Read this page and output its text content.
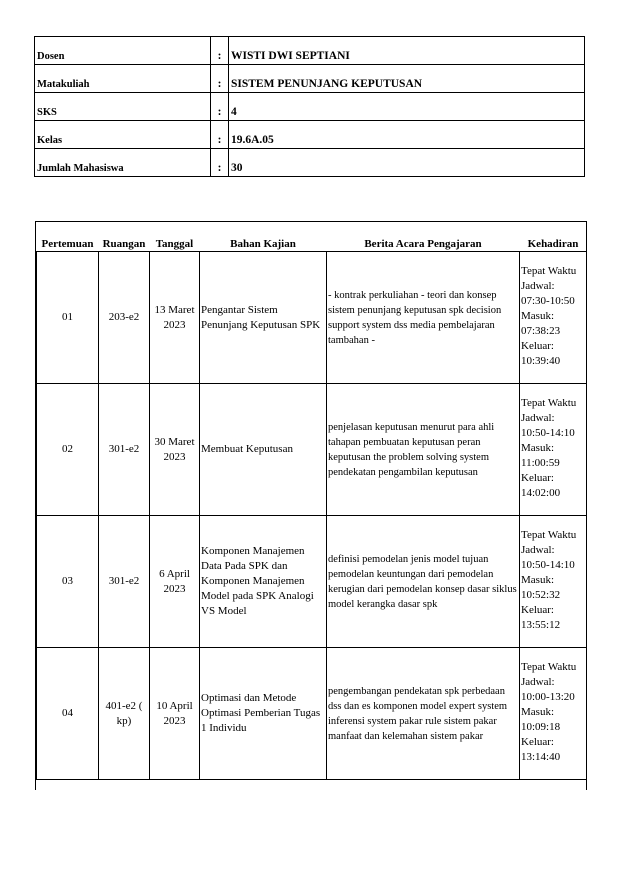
Dosen	:	WISTI DWI SEPTIANI
Matakuliah	:	SISTEM PENUNJANG KEPUTUSAN
SKS	:	4
Kelas	:	19.6A.05
Jumlah Mahasiswa	:	30
Pertemuan	Ruangan	Tanggal	Bahan Kajian	Berita Acara Pengajaran	Kehadiran
01	203-e2	13 Maret 2023	Pengantar Sistem Penunjang Keputusan SPK	- kontrak perkuliahan - teori dan konsep sistem penunjang keputusan spk decision support system dss media pembelajaran tambahan -	Tepat Waktu Jadwal: 07:30-10:50 Masuk: 07:38:23 Keluar: 10:39:40
02	301-e2	30 Maret 2023	Membuat Keputusan	penjelasan keputusan menurut para ahli tahapan pembuatan keputusan peran keputusan the problem solving system pendekatan pengambilan keputusan	Tepat Waktu Jadwal: 10:50-14:10 Masuk: 11:00:59 Keluar: 14:02:00
03	301-e2	6 April 2023	Komponen Manajemen Data Pada SPK dan Komponen Manajemen Model pada SPK Analogi VS Model	definisi pemodelan jenis model tujuan pemodelan keuntungan dari pemodelan kerugian dari pemodelan konsep dasar siklus model kerangka dasar spk	Tepat Waktu Jadwal: 10:50-14:10 Masuk: 10:52:32 Keluar: 13:55:12
04	401-e2 ( kp)	10 April 2023	Optimasi dan Metode Optimasi Pemberian Tugas 1 Individu	pengembangan pendekatan spk perbedaan dss dan es komponen model expert system inferensi system pakar rule sistem pakar manfaat dan kelemahan sistem pakar	Tepat Waktu Jadwal: 10:00-13:20 Masuk: 10:09:18 Keluar: 13:14:40
